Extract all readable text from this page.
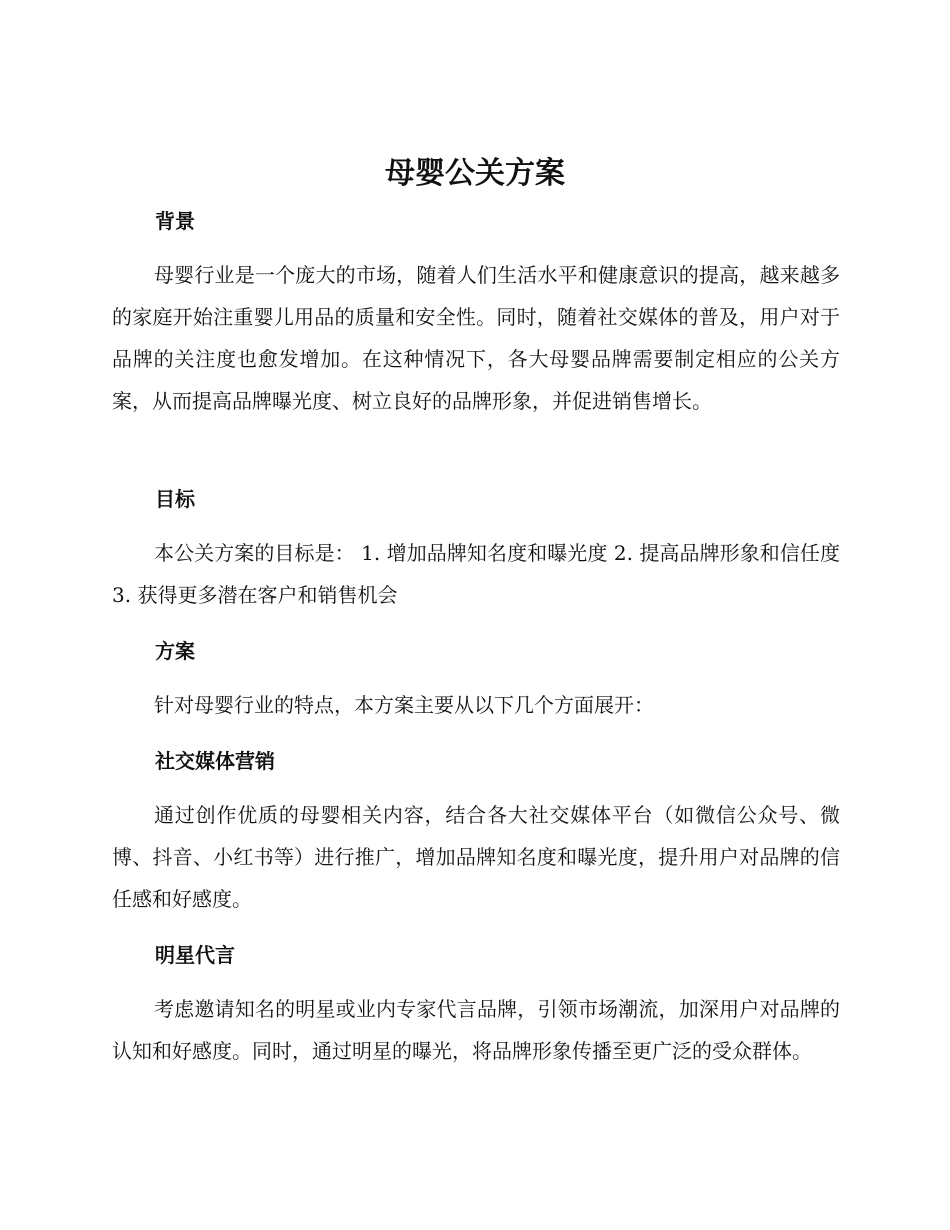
母婴公关方案
背景

母婴行业是一个庞大的市场，随着人们生活水平和健康意识的提高，越来越多的家庭开始注重婴儿用品的质量和安全性。同时，随着社交媒体的普及，用户对于品牌的关注度也愈发增加。在这种情况下，各大母婴品牌需要制定相应的公关方案，从而提高品牌曝光度、树立良好的品牌形象，并促进销售增长。

目标

本公关方案的目标是： 1. 增加品牌知名度和曝光度 2. 提高品牌形象和信任度 3. 获得更多潜在客户和销售机会

方案

针对母婴行业的特点，本方案主要从以下几个方面展开：

社交媒体营销

通过创作优质的母婴相关内容，结合各大社交媒体平台（如微信公众号、微博、抖音、小红书等）进行推广，增加品牌知名度和曝光度，提升用户对品牌的信任感和好感度。

明星代言

考虑邀请知名的明星或业内专家代言品牌，引领市场潮流，加深用户对品牌的认知和好感度。同时，通过明星的曝光，将品牌形象传播至更广泛的受众群体。
